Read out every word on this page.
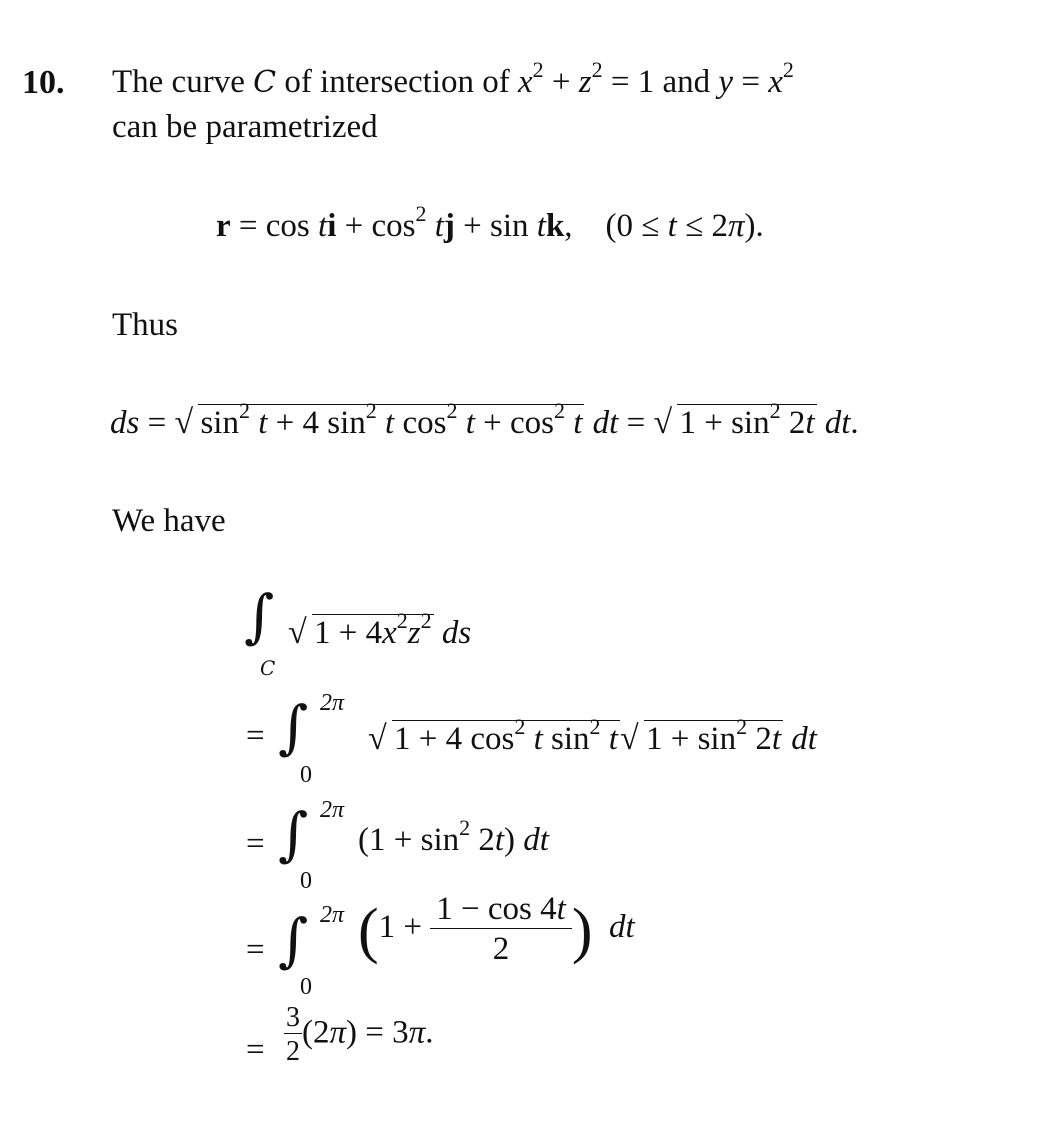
10. The curve C of intersection of $x^2 + z^2 = 1$ and $y = x^2$
can be parametrized
r = cos ti + $\cos^2$ tj + sin tk,    (0 ≤ t ≤ 2π).
Thus
ds = √ $\sin^2 t + 4$ $\sin^2 t$ $\cos^2 t + \cos^2 t$ dt = √ $1 + \sin^2 2t$ dt.
We have
∫
C
√ $1 + 4x^2z^2$ ds
= ∫ 2π
0
√ 1 + 4 $\cos^2 t$ $\sin^2 t√$ $1 + \sin^2 2t$ dt
= ∫ 2π
0
$(1 + \sin^2 2t)$ dt
= ∫ 2π
0
($1 + \frac{1 - \cos 4t}{2}$ ) dt
= $\frac{3}{2} (2\pi) = 3\pi$.
